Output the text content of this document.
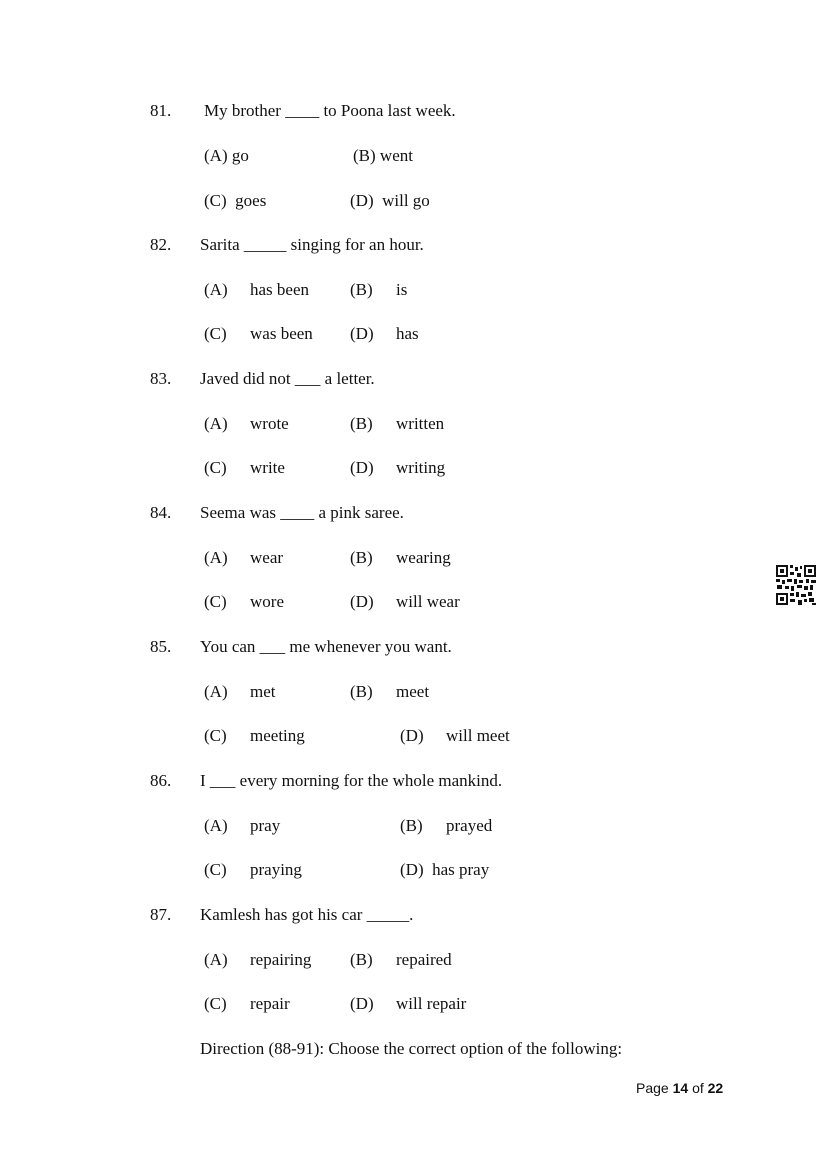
81. My brother ____ to Poona last week.
(A) go	(B) went
(C) goes	(D) will go
82. Sarita _____ singing for an hour.
(A) has been (B) is
(C) was been (D) has
83. Javed did not ___ a letter.
(A) wrote	(B) written
(C) write	(D) writing
84. Seema was ____ a pink saree.
(A) wear	(B) wearing
(C) wore	(D) will wear
85. You can ___ me whenever you want.
(A) met	(B) meet
(C) meeting	(D) will meet
86. I ___ every morning for the whole mankind.
(A) pray	(B) prayed
(C) praying	(D) has pray
87. Kamlesh has got his car _____.
(A) repairing (B) repaired
(C) repair	(D) will repair
Direction (88-91): Choose the correct option of the following:
Page 14 of 22
